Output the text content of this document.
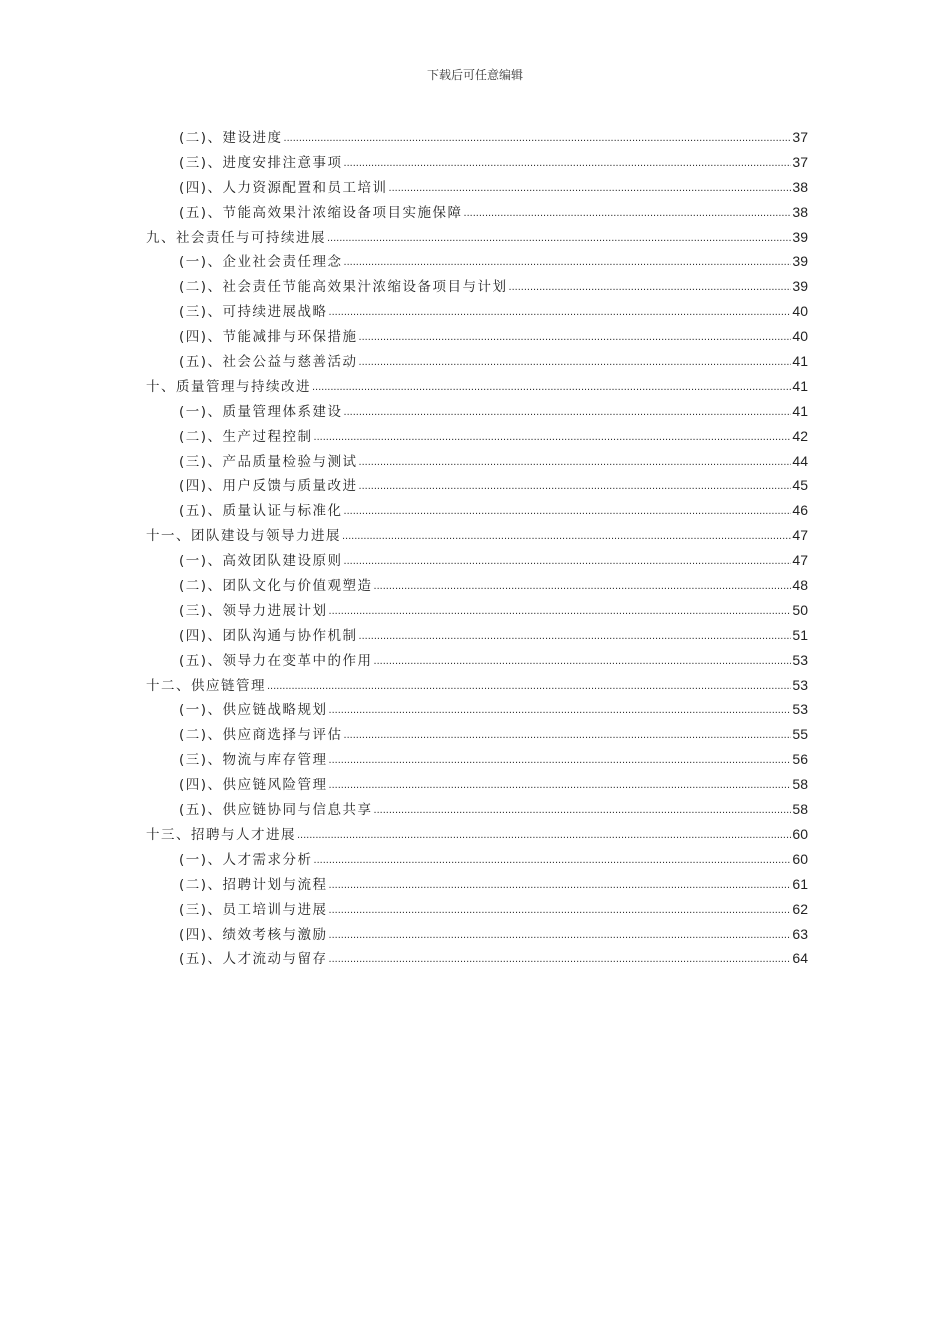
下载后可任意编辑
(二)、建设进度 .....	37
(三)、进度安排注意事项 .....	37
(四)、人力资源配置和员工培训 .....	38
(五)、节能高效果汁浓缩设备项目实施保障 .....	38
九、社会责任与可持续进展 .....	39
(一)、企业社会责任理念 .....	39
(二)、社会责任节能高效果汁浓缩设备项目与计划 .....	39
(三)、可持续进展战略 .....	40
(四)、节能减排与环保措施 .....	40
(五)、社会公益与慈善活动 .....	41
十、质量管理与持续改进 .....	41
(一)、质量管理体系建设 .....	41
(二)、生产过程控制 .....	42
(三)、产品质量检验与测试 .....	44
(四)、用户反馈与质量改进 .....	45
(五)、质量认证与标准化 .....	46
十一、团队建设与领导力进展 .....	47
(一)、高效团队建设原则 .....	47
(二)、团队文化与价值观塑造 .....	48
(三)、领导力进展计划 .....	50
(四)、团队沟通与协作机制 .....	51
(五)、领导力在变革中的作用 .....	53
十二、供应链管理 .....	53
(一)、供应链战略规划 .....	53
(二)、供应商选择与评估 .....	55
(三)、物流与库存管理 .....	56
(四)、供应链风险管理 .....	58
(五)、供应链协同与信息共享 .....	58
十三、招聘与人才进展 .....	60
(一)、人才需求分析 .....	60
(二)、招聘计划与流程 .....	61
(三)、员工培训与进展 .....	62
(四)、绩效考核与激励 .....	63
(五)、人才流动与留存 .....	64
